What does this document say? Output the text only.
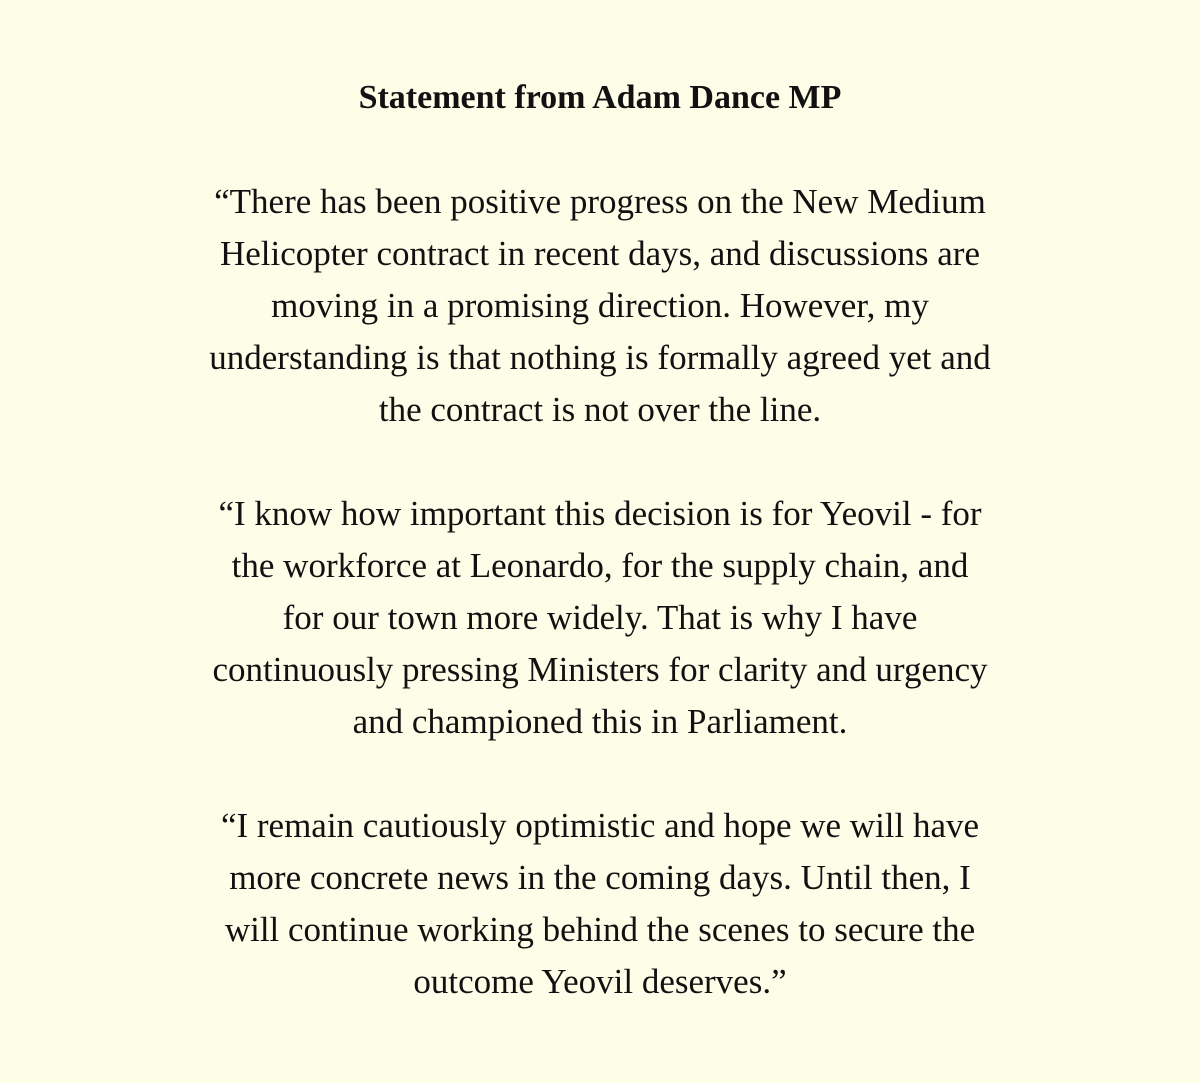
Statement from Adam Dance MP

“There has been positive progress on the New Medium
Helicopter contract in recent days, and discussions are
moving in a promising direction. However, my
understanding is that nothing is formally agreed yet and
the contract is not over the line.

“I know how important this decision is for Yeovil - for
the workforce at Leonardo, for the supply chain, and
for our town more widely. That is why I have
continuously pressing Ministers for clarity and urgency
and championed this in Parliament.

“I remain cautiously optimistic and hope we will have
more concrete news in the coming days. Until then, I
will continue working behind the scenes to secure the
outcome Yeovil deserves.”
